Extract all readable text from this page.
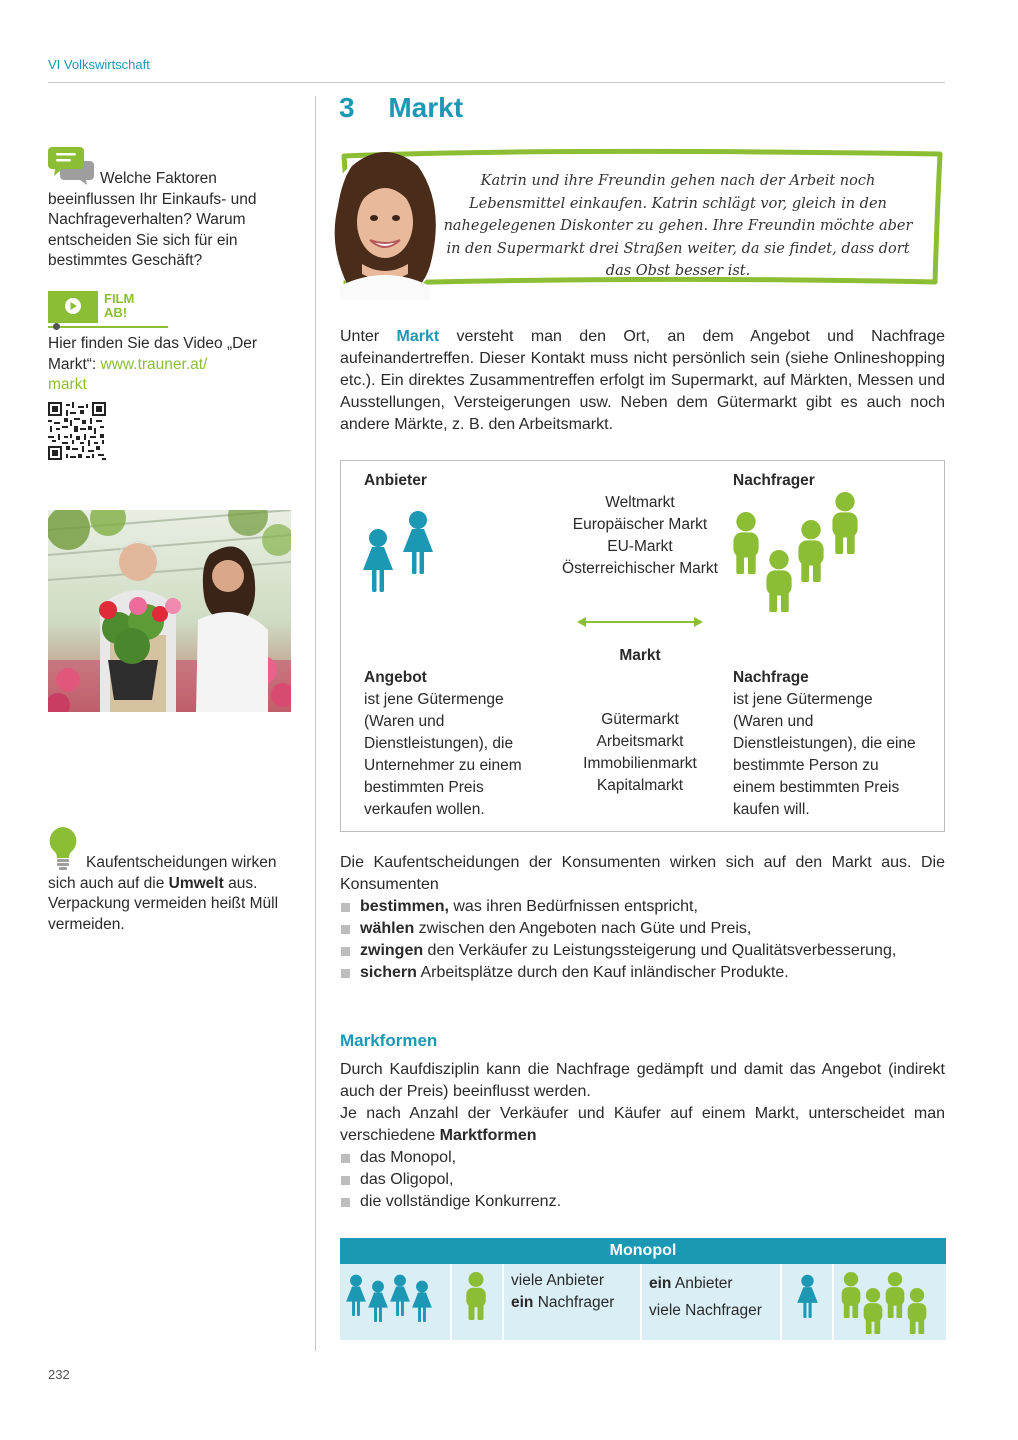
VI Volkswirtschaft
3 Markt
Welche Faktoren beeinflussen Ihr Einkaufs- und Nachfrageverhalten? Warum entscheiden Sie sich für ein bestimmtes Geschäft?
FILM
AB!
Hier finden Sie das Video „Der Markt“: www.trauner.at/
markt
Kaufentscheidungen wirken sich auch auf die Umwelt aus. Verpackung vermeiden heißt Müll vermeiden.
Katrin und ihre Freundin gehen nach der Arbeit noch Lebensmittel einkaufen. Katrin schlägt vor, gleich in den nahegelegenen Diskonter zu gehen. Ihre Freundin möchte aber in den Supermarkt drei Straßen weiter, da sie findet, dass dort das Obst besser ist.
Unter Markt versteht man den Ort, an dem Angebot und Nachfrage aufeinandertreffen. Dieser Kontakt muss nicht persönlich sein (siehe Onlineshopping etc.). Ein direktes Zusammentreffen erfolgt im Supermarkt, auf Märkten, Messen und Ausstellungen, Versteigerungen usw. Neben dem Gütermarkt gibt es auch noch andere Märkte, z. B. den Arbeitsmarkt.
Anbieter	Nachfrager
Weltmarkt
Europäischer Markt
EU-Markt
Österreichischer Markt
Markt
Angebot
ist jene Gütermenge (Waren und Dienstleistungen), die Unternehmer zu einem bestimmten Preis verkaufen wollen.
Gütermarkt
Arbeitsmarkt
Immobilienmarkt
Kapitalmarkt
Nachfrage
ist jene Gütermenge (Waren und Dienstleistungen), die eine bestimmte Person zu einem bestimmten Preis kaufen will.
Die Kaufentscheidungen der Konsumenten wirken sich auf den Markt aus. Die Konsumenten
bestimmen, was ihren Bedürfnissen entspricht,
wählen zwischen den Angeboten nach Güte und Preis,
zwingen den Verkäufer zu Leistungssteigerung und Qualitätsverbesserung,
sichern Arbeitsplätze durch den Kauf inländischer Produkte.
Markformen
Durch Kaufdisziplin kann die Nachfrage gedämpft und damit das Angebot (indirekt auch der Preis) beeinflusst werden.
Je nach Anzahl der Verkäufer und Käufer auf einem Markt, unterscheidet man verschiedene Marktformen
das Monopol,
das Oligopol,
die vollständige Konkurrenz.
Monopol
viele Anbieter
ein Nachfrager
ein Anbieter
viele Nachfrager
232
